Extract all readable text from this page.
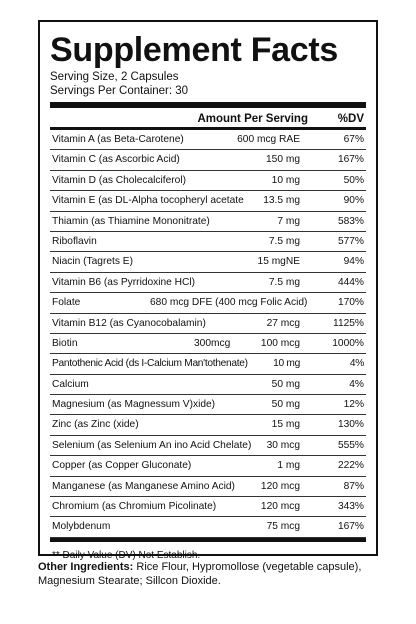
Supplement Facts
Serving Size, 2 Capsules
Servings Per Container: 30
Amount Per Serving	%DV
Vitamin A (as Beta-Carotene)	600 mcg RAE	67%
Vitamin C (as Ascorbic Acid)	150 mg	167%
Vitamin D (as Cholecalciferol)	10 mg	50%
Vitamin E (as DL-Alpha tocopheryl acetate 13.5 mg	90%
Thiamin (as Thiamine Mononitrate)	7 mg	583%
Riboflavin	7.5 mg	577%
Niacin (Tagrets E)	15 mgNE	94%
Vitamin B6 (as Pyrridoxine HCl)	7.5 mg	444%
Folate	680 mcg DFE (400 mcg Folic Acid)	170%
Vitamin B12 (as Cyanocobalamin)	27 mcg	1125%
Biotin	300mcg	100 mcg	1000%
Pantothenic Acid (ds I-Calcium Man'tothenate) 10 mg	4%
Calcium	50 mg	4%
Magnesium (as Magnessum V)xide)	50 mg	12%
Zinc (as Zinc (xide)	15 mg	130%
Selenium (as Selenium An ino Acid Chelate) 30 mcg	555%
Copper (as Copper Gluconate)	1 mg	222%
Manganese (as Manganese Amino Acid)	120 mcg	87%
Chromium (as Chromium Picolinate)	120 mcg	343%
Molybdenum	75 mcg	167%
** Daily Value (DV) Not Establish.
Other Ingredients: Rice Flour, Hypromollose (vegetable capsule), Magnesium Stearate; Sillcon Dioxide.
